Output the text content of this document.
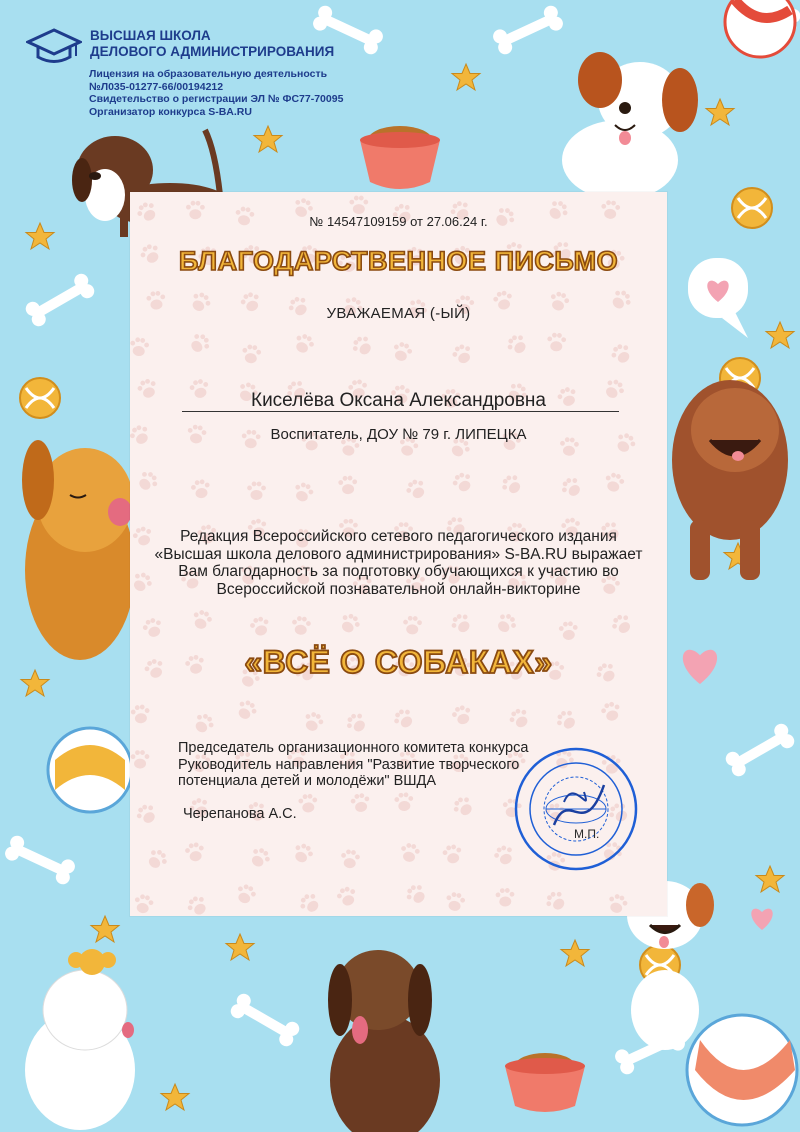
ВЫСШАЯ ШКОЛА
ДЕЛОВОГО АДМИНИСТРИРОВАНИЯ
Лицензия на образовательную деятельность
№Л035-01277-66/00194212
Свидетельство о регистрации ЭЛ № ФС77-70095
Организатор конкурса S-BA.RU
№ 14547109159 от 27.06.24 г.
БЛАГОДАРСТВЕННОЕ ПИСЬМО
УВАЖАЕМАЯ (-ЫЙ)
Киселёва Оксана Александровна
Воспитатель, ДОУ № 79 г. ЛИПЕЦКА
Редакция Всероссийского сетевого педагогического издания «Высшая школа делового администрирования» S-BA.RU выражает Вам благодарность за подготовку обучающихся к участию во Всероссийской познавательной онлайн-викторине
«ВСЁ О СОБАКАХ»
Председатель организационного комитета конкурса
Руководитель направления "Развитие творческого
потенциала детей и молодёжи" ВШДА
Черепанова А.С.
М.П.
